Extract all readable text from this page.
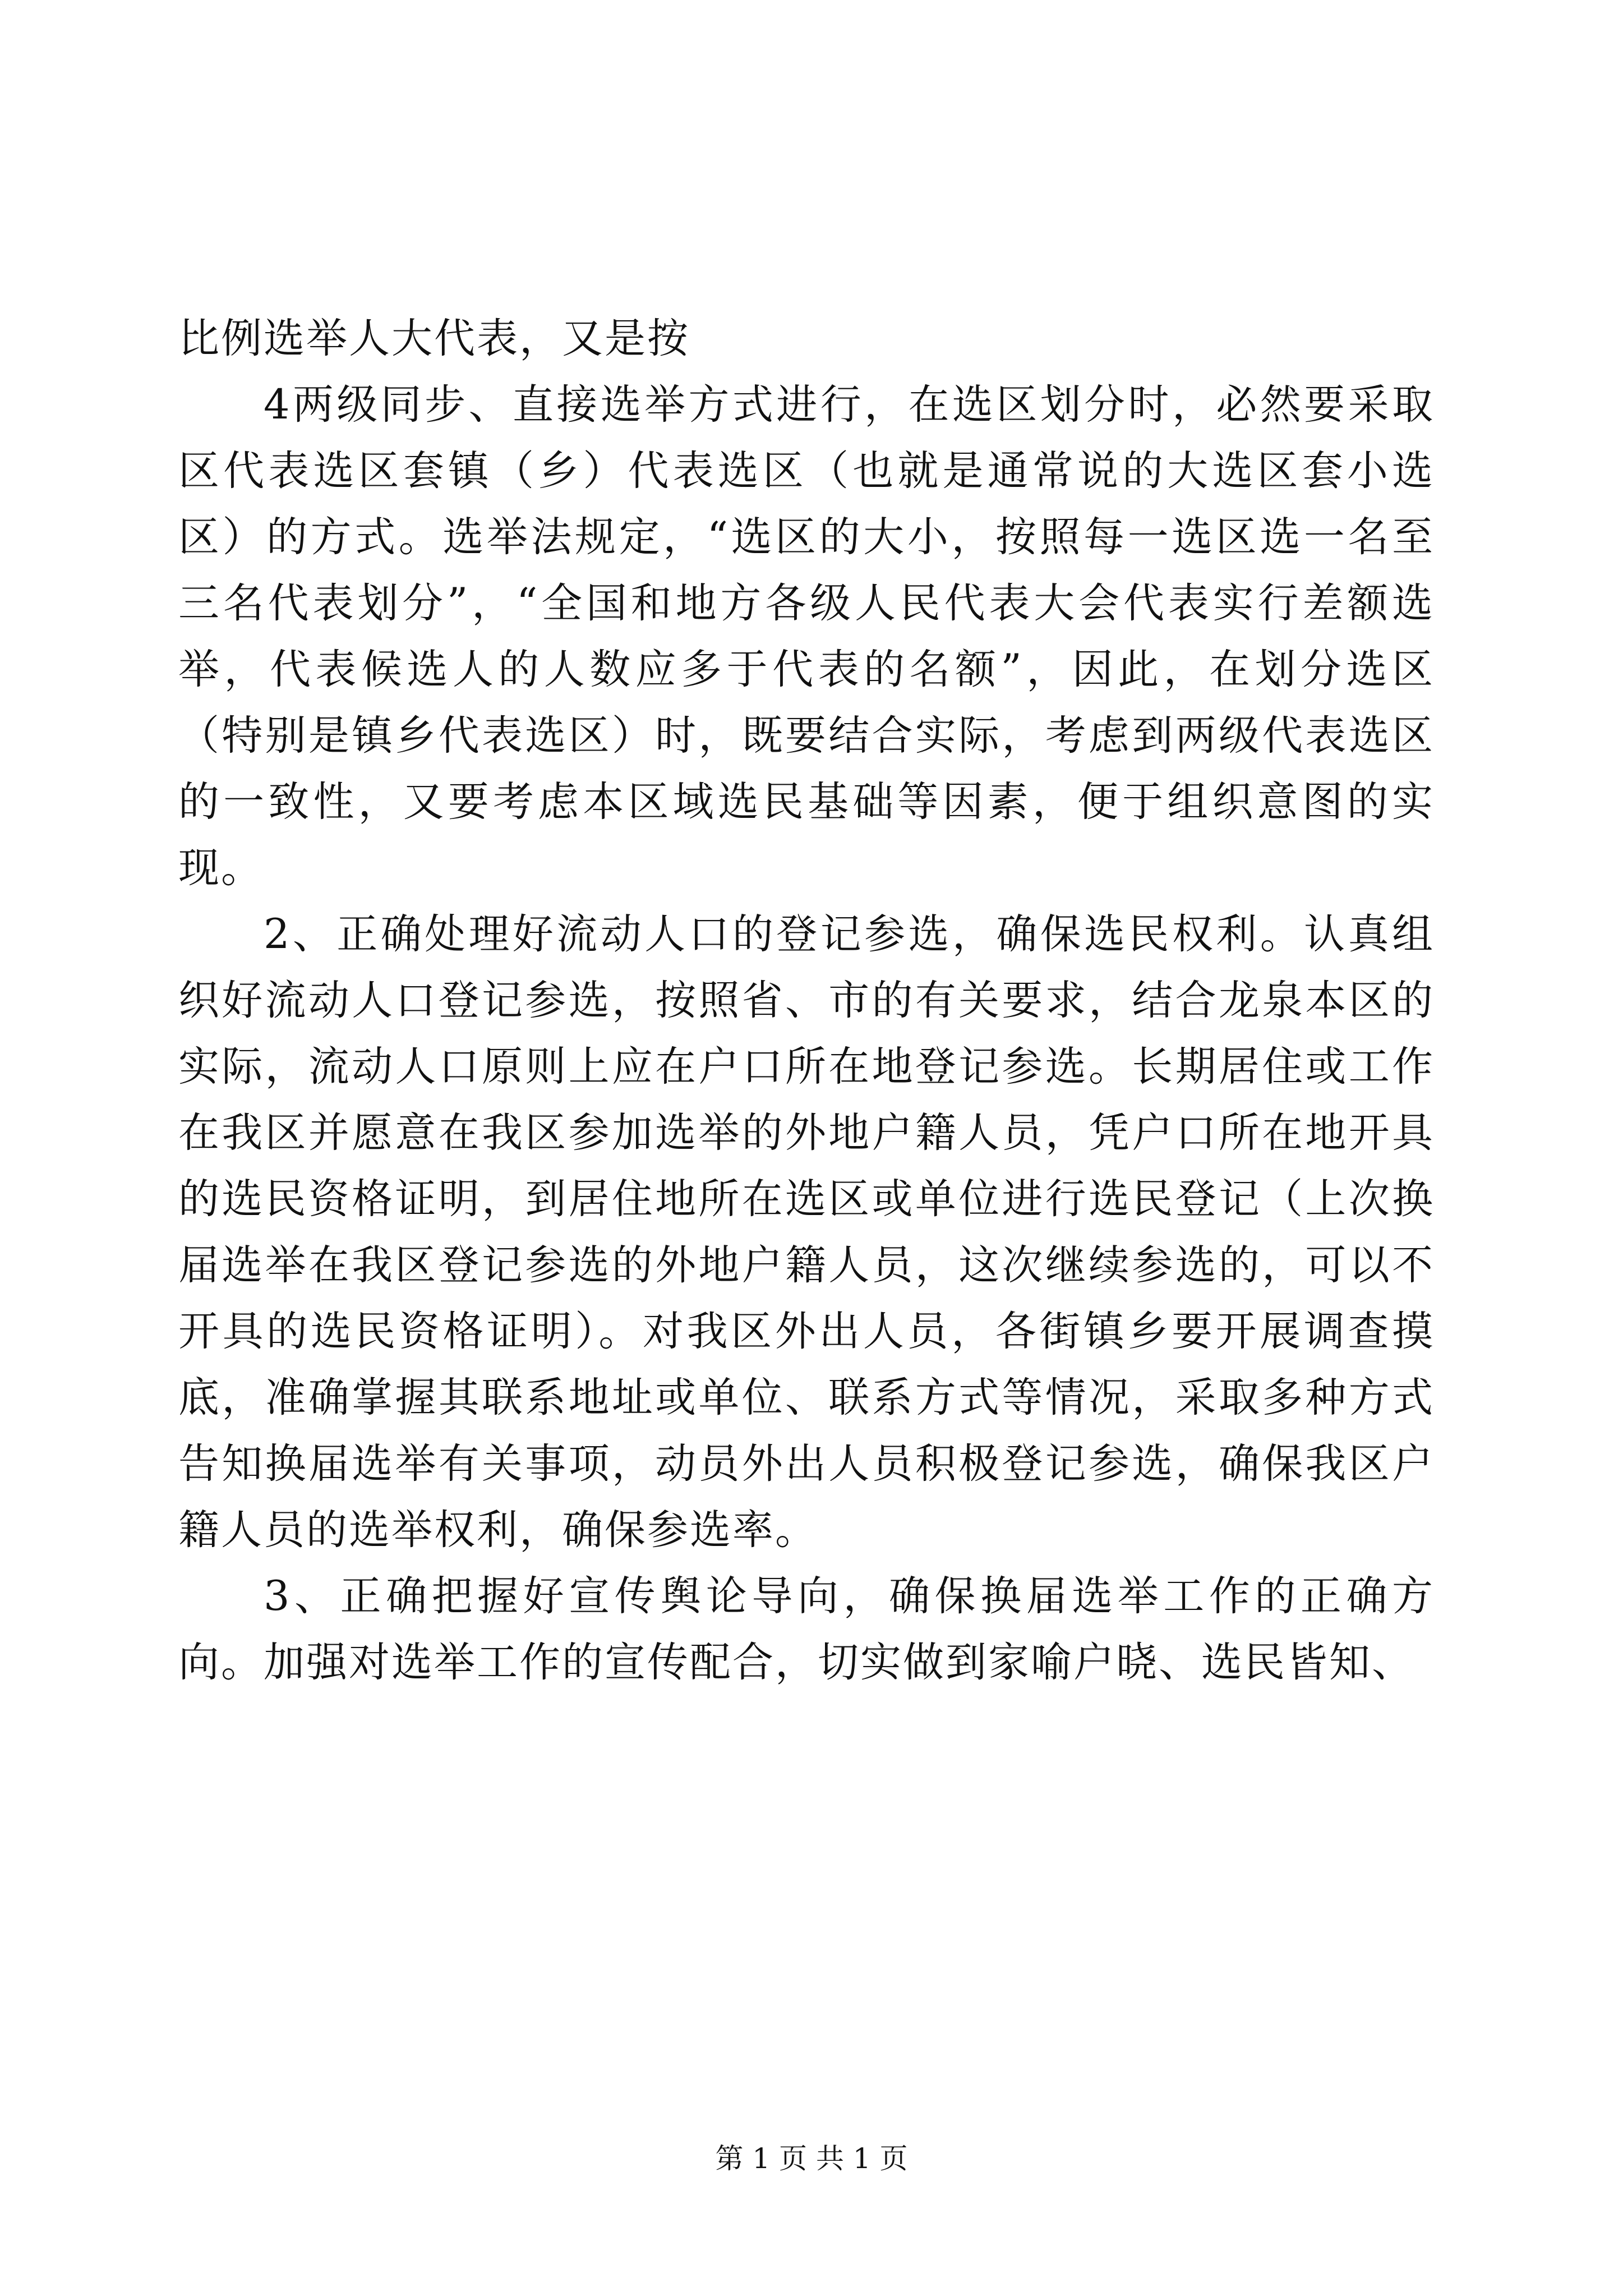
比例选举人大代表，又是按

4两级同步、直接选举方式进行，在选区划分时，必然要采取区代表选区套镇（乡）代表选区（也就是通常说的大选区套小选区）的方式。选举法规定，“选区的大小，按照每一选区选一名至三名代表划分”，“全国和地方各级人民代表大会代表实行差额选举，代表候选人的人数应多于代表的名额”，因此，在划分选区（特别是镇乡代表选区）时，既要结合实际，考虑到两级代表选区的一致性，又要考虑本区域选民基础等因素，便于组织意图的实现。

2、正确处理好流动人口的登记参选，确保选民权利。认真组织好流动人口登记参选，按照省、市的有关要求，结合龙泉本区的实际，流动人口原则上应在户口所在地登记参选。长期居住或工作在我区并愿意在我区参加选举的外地户籍人员，凭户口所在地开具的选民资格证明，到居住地所在选区或单位进行选民登记（上次换届选举在我区登记参选的外地户籍人员，这次继续参选的，可以不开具的选民资格证明）。对我区外出人员，各街镇乡要开展调查摸底，准确掌握其联系地址或单位、联系方式等情况，采取多种方式告知换届选举有关事项，动员外出人员积极登记参选，确保我区户籍人员的选举权利，确保参选率。

3、正确把握好宣传舆论导向，确保换届选举工作的正确方向。加强对选举工作的宣传配合，切实做到家喻户晓、选民皆知、

第 1 页 共 1 页
